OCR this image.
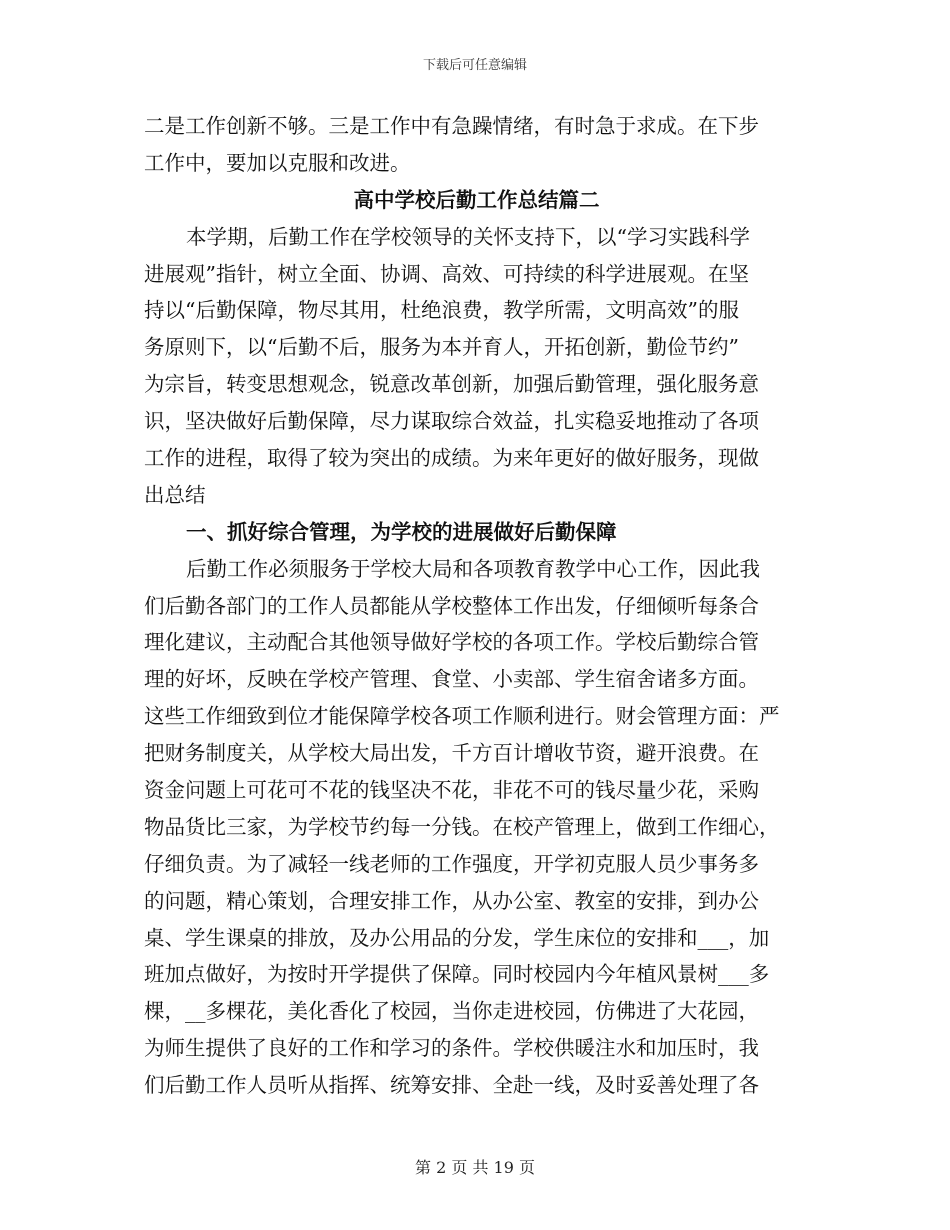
下载后可任意编辑
二是工作创新不够。三是工作中有急躁情绪，有时急于求成。在下步
工作中，要加以克服和改进。
高中学校后勤工作总结篇二
本学期，后勤工作在学校领导的关怀支持下，以“学习实践科学
进展观”指针，树立全面、协调、高效、可持续的科学进展观。在坚
持以“后勤保障，物尽其用，杜绝浪费，教学所需，文明高效”的服
务原则下，以“后勤不后，服务为本并育人，开拓创新，勤俭节约”
为宗旨，转变思想观念，锐意改革创新，加强后勤管理，强化服务意
识，坚决做好后勤保障，尽力谋取综合效益，扎实稳妥地推动了各项
工作的进程，取得了较为突出的成绩。为来年更好的做好服务，现做
出总结
一、抓好综合管理，为学校的进展做好后勤保障
后勤工作必须服务于学校大局和各项教育教学中心工作，因此我
们后勤各部门的工作人员都能从学校整体工作出发，仔细倾听每条合
理化建议，主动配合其他领导做好学校的各项工作。学校后勤综合管
理的好坏，反映在学校产管理、食堂、小卖部、学生宿舍诸多方面。
这些工作细致到位才能保障学校各项工作顺利进行。财会管理方面：严
把财务制度关，从学校大局出发，千方百计增收节资，避开浪费。在
资金问题上可花可不花的钱坚决不花，非花不可的钱尽量少花，采购
物品货比三家，为学校节约每一分钱。在校产管理上，做到工作细心，
仔细负责。为了减轻一线老师的工作强度，开学初克服人员少事务多
的问题，精心策划，合理安排工作，从办公室、教室的安排，到办公
桌、学生课桌的排放，及办公用品的分发，学生床位的安排和___，加
班加点做好，为按时开学提供了保障。同时校园内今年植风景树___多
棵，__多棵花，美化香化了校园，当你走进校园，仿佛进了大花园，
为师生提供了良好的工作和学习的条件。学校供暖注水和加压时，我
们后勤工作人员听从指挥、统筹安排、全赴一线，及时妥善处理了各
第 2 页 共 19 页
